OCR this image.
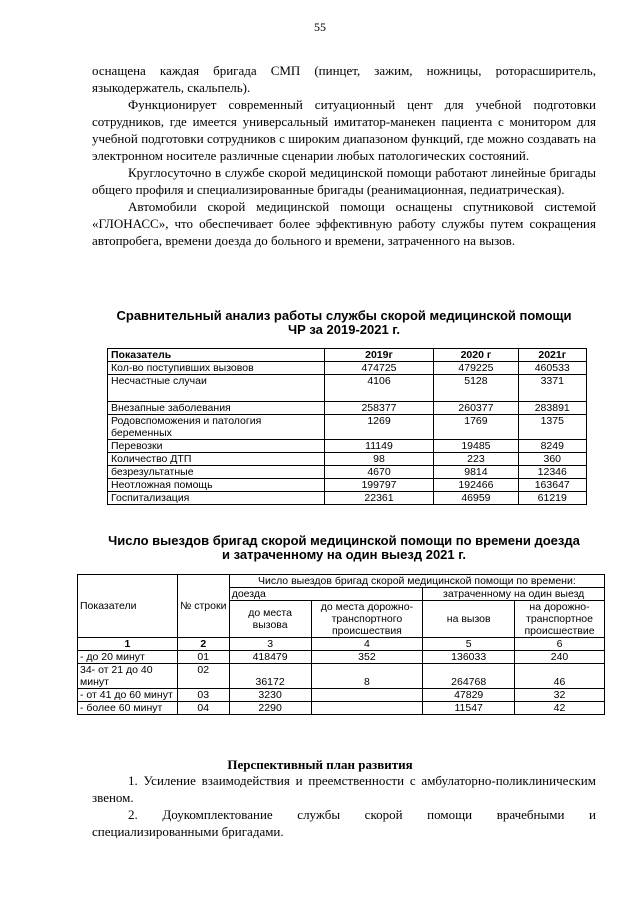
55

оснащена каждая бригада СМП (пинцет, зажим, ножницы, роторасширитель, языкодержатель, скальпель).

Функционирует современный ситуационный цент для учебной подготовки сотрудников, где имеется универсальный имитатор-манекен пациента с монитором для учебной подготовки сотрудников с широким диапазоном функций, где можно создавать на электронном носителе различные сценарии любых патологических состояний.

Круглосуточно в службе скорой медицинской помощи работают линейные бригады общего профиля и специализированные бригады (реанимационная, педиатрическая).

Автомобили скорой медицинской помощи оснащены спутниковой системой «ГЛОНАСС», что обеспечивает более эффективную работу службы путем сокращения автопробега, времени доезда до больного и времени, затраченного на вызов.

Сравнительный анализ работы службы скорой медицинской помощи
ЧР за 2019-2021 г.
Показатель	2019г	2020 г	2021г
Кол-во поступивших вызовов	474725	479225	460533
Несчастные случаи	4106	5128	3371
Внезапные заболевания	258377	260377	283891
Родовспоможения и патология беременных	1269	1769	1375
Перевозки	11149	19485	8249
Количество ДТП	98	223	360
безрезультатные	4670	9814	12346
Неотложная помощь	199797	192466	163647
Госпитализация	22361	46959	61219
Число выездов бригад скорой медицинской помощи по времени доезда
и затраченному на один выезд 2021 г.
Показатели	№ строки	Число выездов бригад скорой медицинской помощи по времени:			
		доезда		затраченному на один выезд	
		до места вызова	до места дорожно-транспортного происшествия	на вызов	на дорожно-транспортное происшествие
1	2	3	4	5	6
- до 20 минут	01	418479	352	136033	240
34- от 21 до 40 минут	02	36172	8	264768	46
- от 41 до 60 минут	03	3230		47829	32
- более 60 минут	04	2290		11547	42
Перспективный план развития

1. Усиление взаимодействия и преемственности с амбулаторно-поликлиническим звеном.

2. Доукомплектование службы скорой помощи врачебными и специализированными бригадами.
